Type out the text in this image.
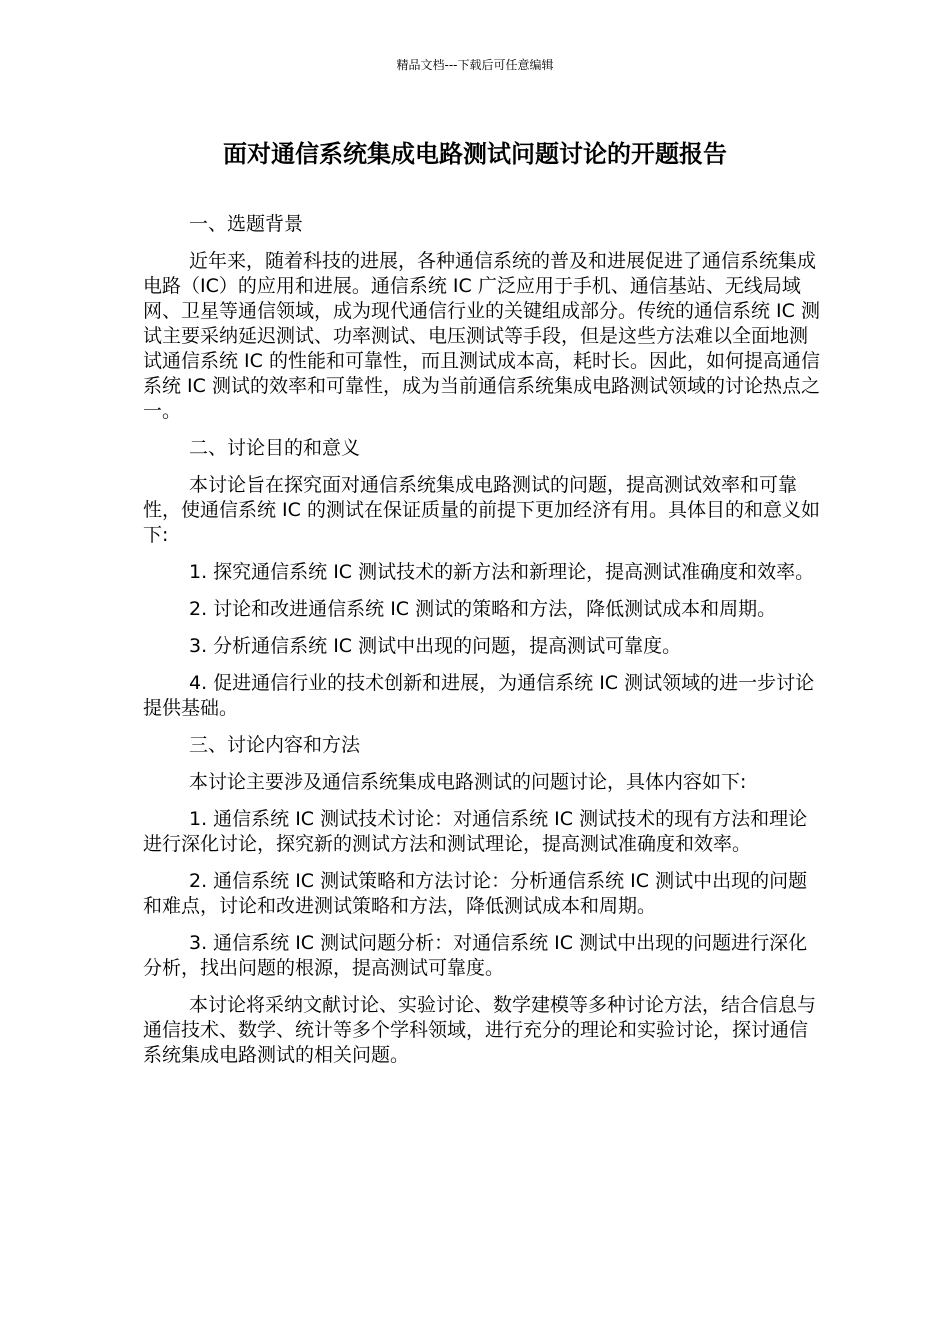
精品文档---下载后可任意编辑
面对通信系统集成电路测试问题讨论的开题报告

一、选题背景

近年来，随着科技的进展，各种通信系统的普及和进展促进了通信系统集成电路（IC）的应用和进展。通信系统 IC 广泛应用于手机、通信基站、无线局域网、卫星等通信领域，成为现代通信行业的关键组成部分。传统的通信系统 IC 测试主要采纳延迟测试、功率测试、电压测试等手段，但是这些方法难以全面地测试通信系统 IC 的性能和可靠性，而且测试成本高，耗时长。因此，如何提高通信系统 IC 测试的效率和可靠性，成为当前通信系统集成电路测试领域的讨论热点之一。

二、讨论目的和意义

本讨论旨在探究面对通信系统集成电路测试的问题，提高测试效率和可靠性，使通信系统 IC 的测试在保证质量的前提下更加经济有用。具体目的和意义如下:

1. 探究通信系统 IC 测试技术的新方法和新理论，提高测试准确度和效率。

2. 讨论和改进通信系统 IC 测试的策略和方法，降低测试成本和周期。

3. 分析通信系统 IC 测试中出现的问题，提高测试可靠度。

4. 促进通信行业的技术创新和进展，为通信系统 IC 测试领域的进一步讨论提供基础。

三、讨论内容和方法

本讨论主要涉及通信系统集成电路测试的问题讨论，具体内容如下:

1. 通信系统 IC 测试技术讨论：对通信系统 IC 测试技术的现有方法和理论进行深化讨论，探究新的测试方法和测试理论，提高测试准确度和效率。

2. 通信系统 IC 测试策略和方法讨论：分析通信系统 IC 测试中出现的问题和难点，讨论和改进测试策略和方法，降低测试成本和周期。

3. 通信系统 IC 测试问题分析：对通信系统 IC 测试中出现的问题进行深化分析，找出问题的根源，提高测试可靠度。

本讨论将采纳文献讨论、实验讨论、数学建模等多种讨论方法，结合信息与通信技术、数学、统计等多个学科领域，进行充分的理论和实验讨论，探讨通信系统集成电路测试的相关问题。
